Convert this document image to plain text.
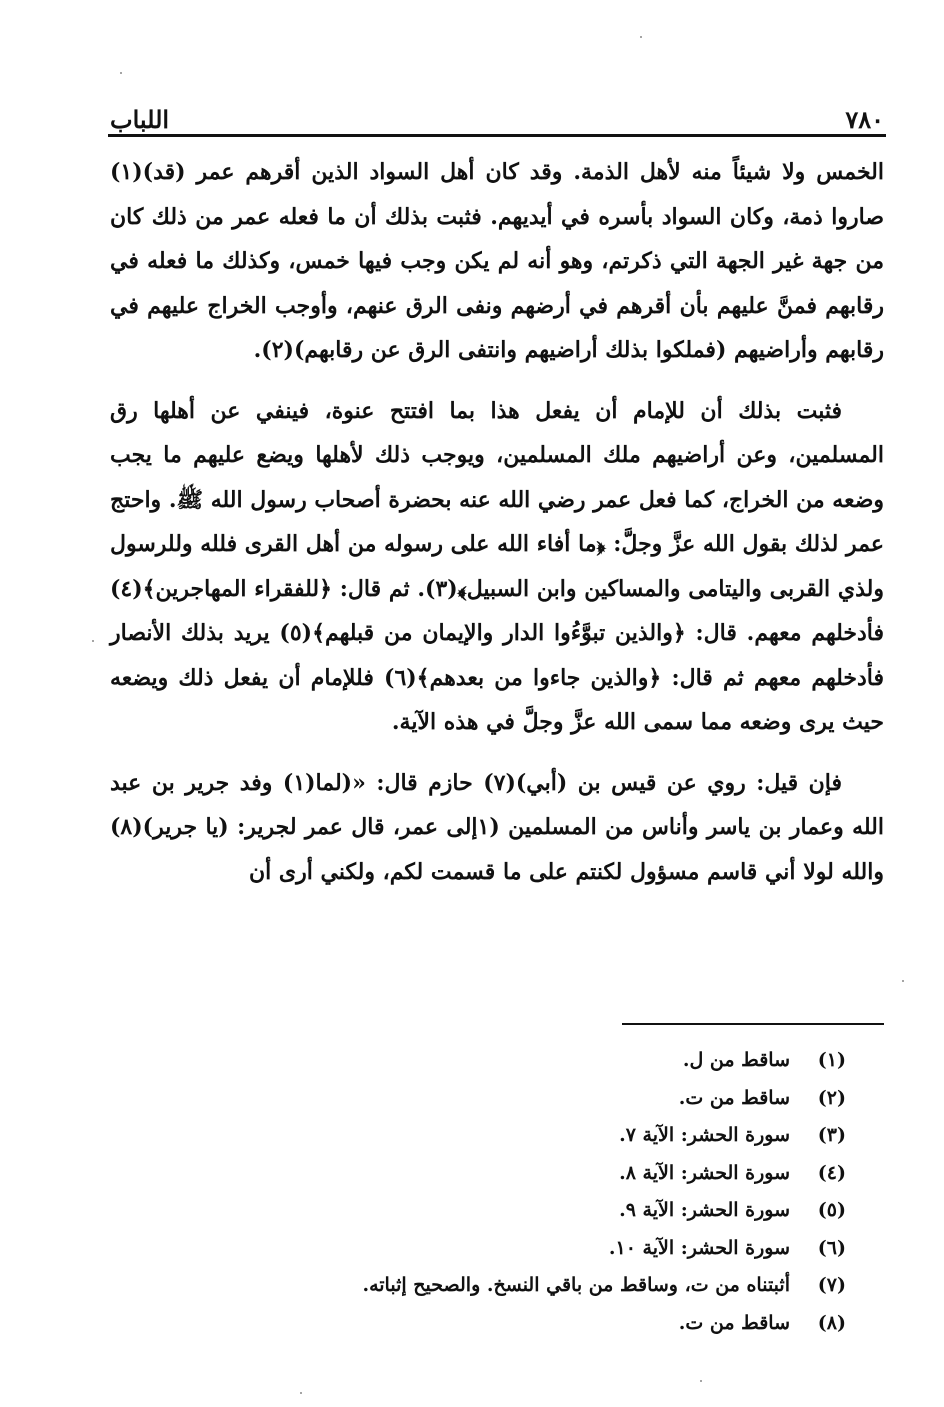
٧٨٠
اللباب

الخمس ولا شيئاً منه لأهل الذمة. وقد كان أهل السواد الذين أقرهم عمر (قد)(١) صاروا ذمة، وكان السواد بأسره في أيديهم. فثبت بذلك أن ما فعله عمر من ذلك كان من جهة غير الجهة التي ذكرتم، وهو أنه لم يكن وجب فيها خمس، وكذلك ما فعله في رقابهم فمنَّ عليهم بأن أقرهم في أرضهم ونفى الرق عنهم، وأوجب الخراج عليهم في رقابهم وأراضيهم (فملكوا بذلك أراضيهم وانتفى الرق عن رقابهم)(٢).

فثبت بذلك أن للإمام أن يفعل هذا بما افتتح عنوة، فينفي عن أهلها رق المسلمين، وعن أراضيهم ملك المسلمين، ويوجب ذلك لأهلها ويضع عليهم ما يجب وضعه من الخراج، كما فعل عمر رضي الله عنه بحضرة أصحاب رسول الله ﷺ. واحتج عمر لذلك بقول الله عزَّ وجلَّ: ﴿ما أفاء الله على رسوله من أهل القرى فلله وللرسول ولذي القربى واليتامى والمساكين وابن السبيل﴾(٣). ثم قال: ﴿للفقراء المهاجرين﴾(٤) فأدخلهم معهم. قال: ﴿والذين تبوَّءُوا الدار والإيمان من قبلهم﴾(٥) يريد بذلك الأنصار فأدخلهم معهم ثم قال: ﴿والذين جاءوا من بعدهم﴾(٦) فللإمام أن يفعل ذلك ويضعه حيث يرى وضعه مما سمى الله عزَّ وجلَّ في هذه الآية.

فإن قيل: روي عن قيس بن (أبي)(٧) حازم قال: «(لما(١) وفد جرير بن عبد الله وعمار بن ياسر وأناس من المسلمين (١إلى عمر، قال عمر لجرير: (يا جرير)(٨) والله لولا أني قاسم مسؤول لكنتم على ما قسمت لكم، ولكني أرى أن

(١)
ساقط من ل.
(٢)
ساقط من ت.
(٣)
سورة الحشر: الآية ٧.
(٤)
سورة الحشر: الآية ٨.
(٥)
سورة الحشر: الآية ٩.
(٦)
سورة الحشر: الآية ١٠.
(٧)
أثبتناه من ت، وساقط من باقي النسخ. والصحيح إثباته.
(٨)
ساقط من ت.
